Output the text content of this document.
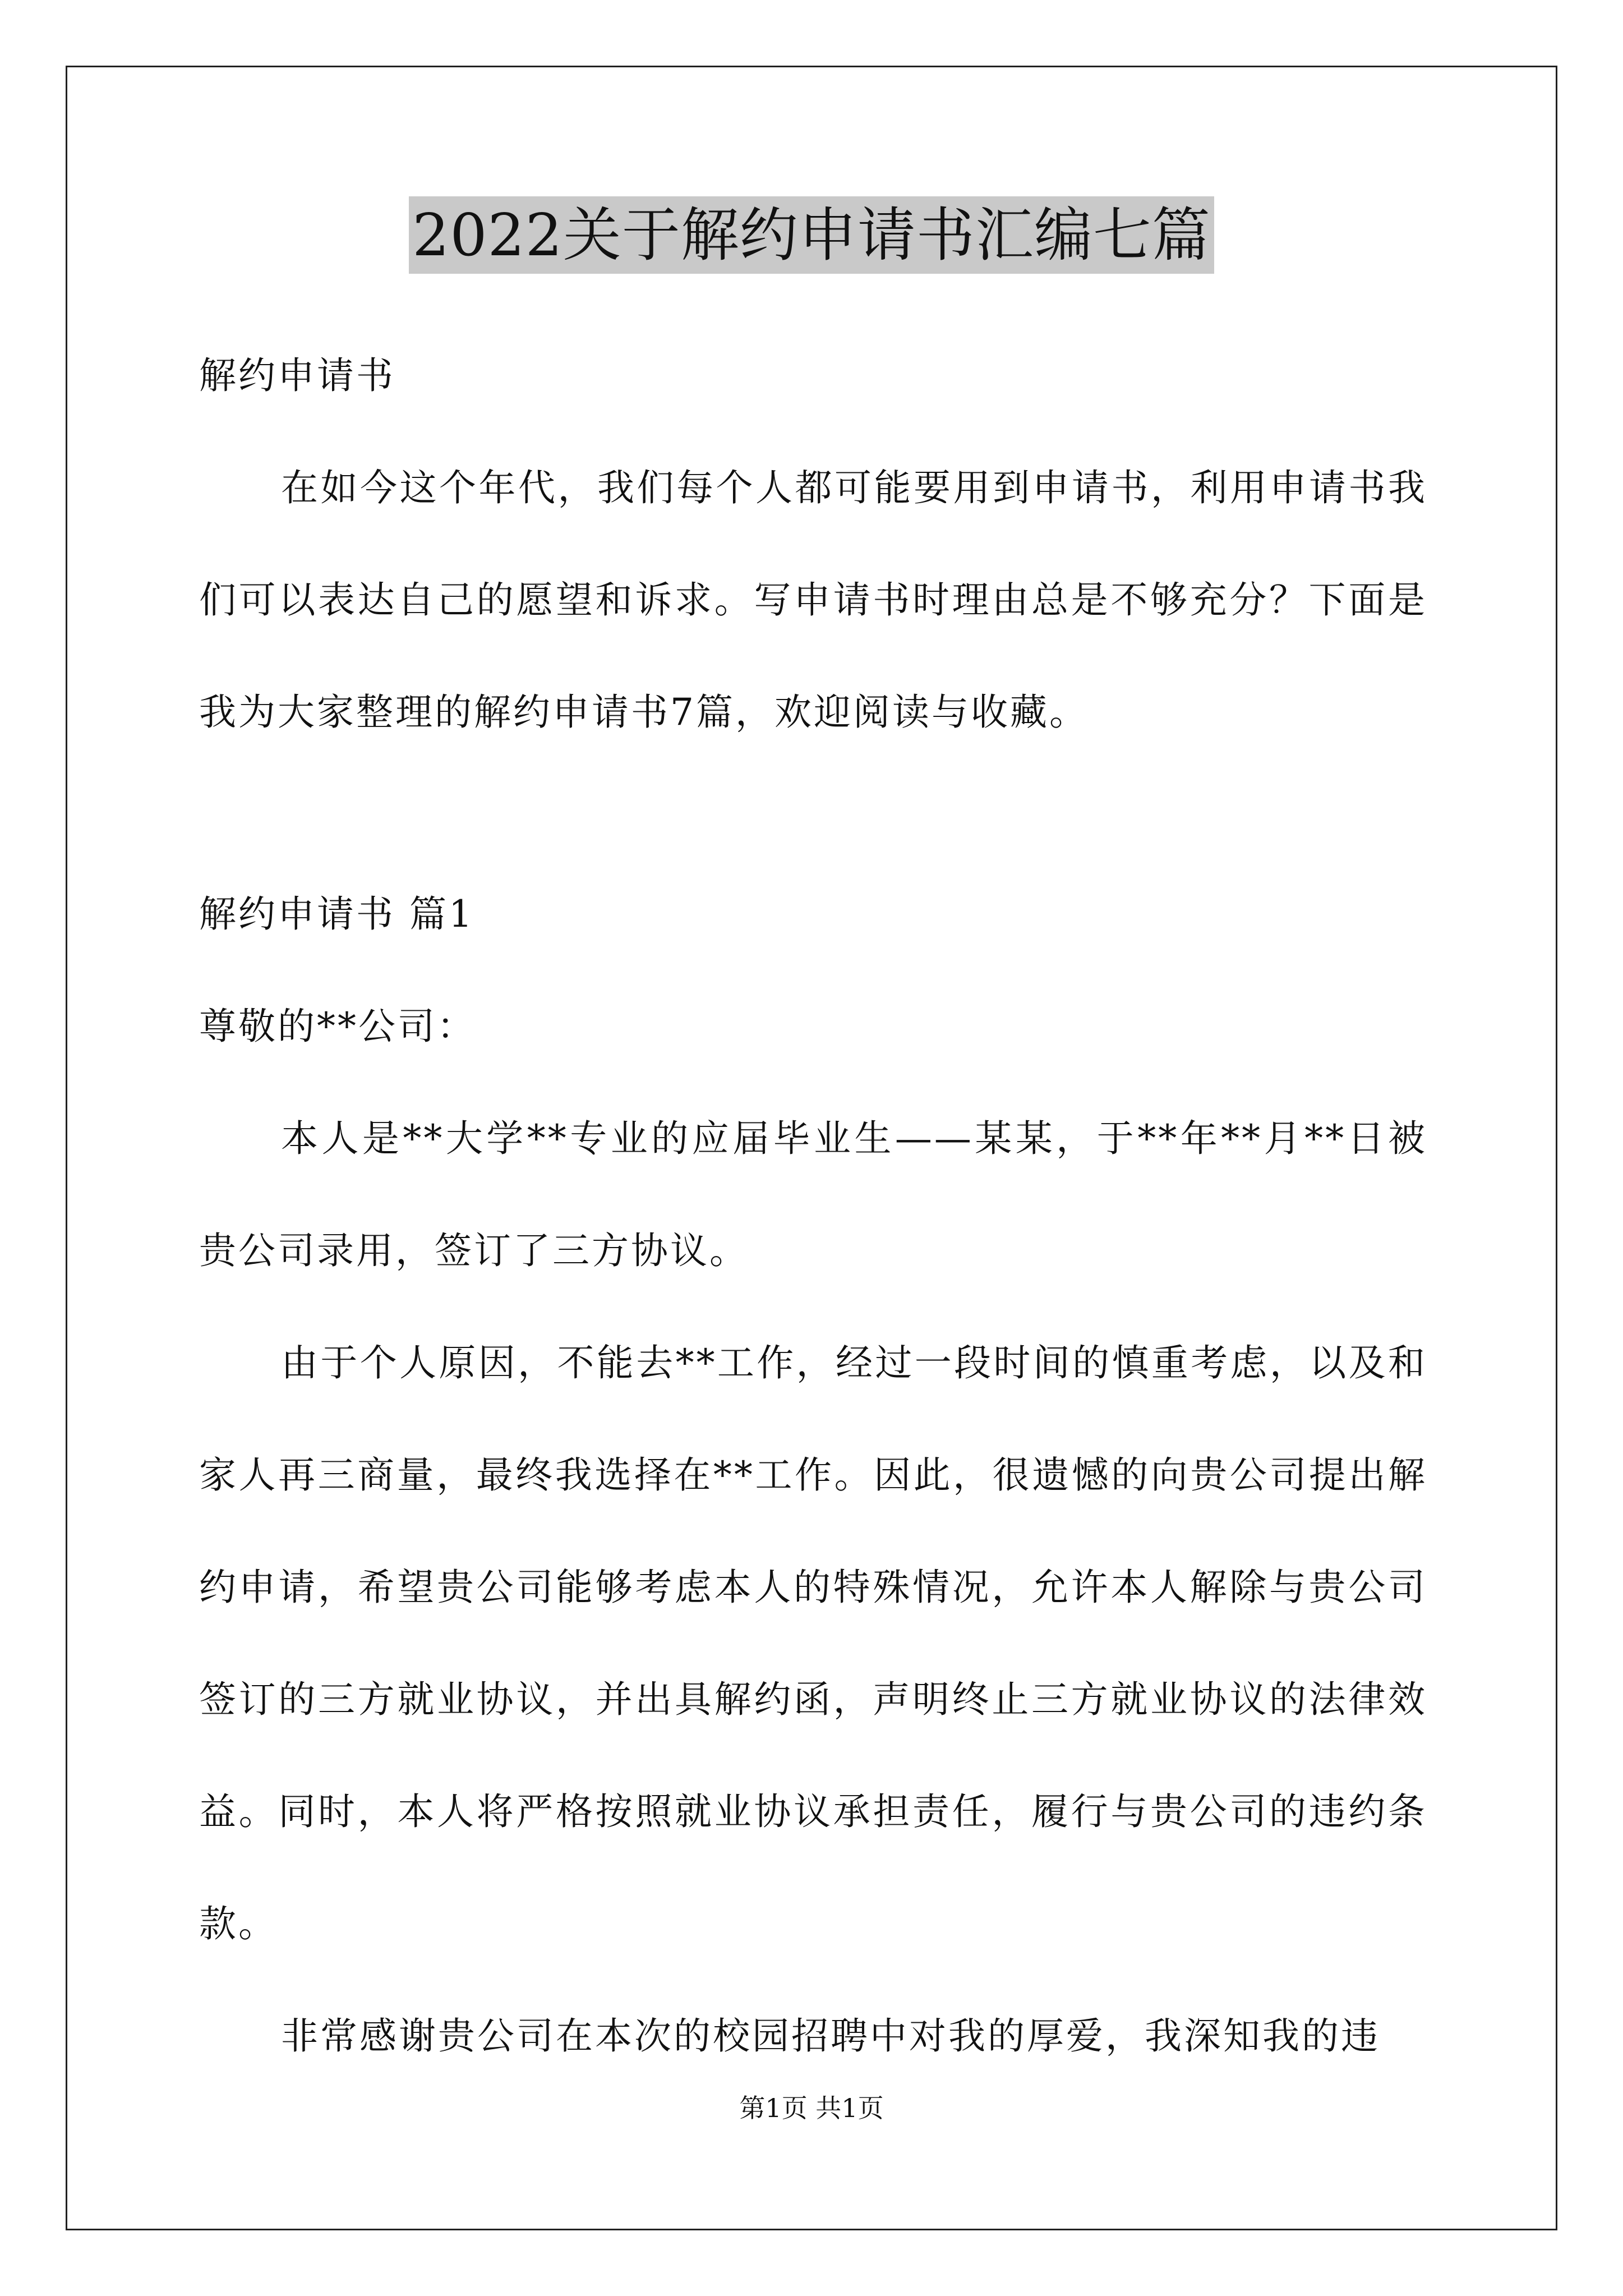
2022关于解约申请书汇编七篇
解约申请书
在如今这个年代，我们每个人都可能要用到申请书，利用申请书我们可以表达自己的愿望和诉求。写申请书时理由总是不够充分？下面是我为大家整理的解约申请书7篇，欢迎阅读与收藏。
解约申请书 篇1
尊敬的**公司：
本人是**大学**专业的应届毕业生——某某，于**年**月**日被贵公司录用，签订了三方协议。
由于个人原因，不能去**工作，经过一段时间的慎重考虑，以及和家人再三商量，最终我选择在**工作。因此，很遗憾的向贵公司提出解约申请，希望贵公司能够考虑本人的特殊情况，允许本人解除与贵公司签订的三方就业协议，并出具解约函，声明终止三方就业协议的法律效益。同时，本人将严格按照就业协议承担责任，履行与贵公司的违约条款。
非常感谢贵公司在本次的校园招聘中对我的厚爱，我深知我的违
第1页 共1页
